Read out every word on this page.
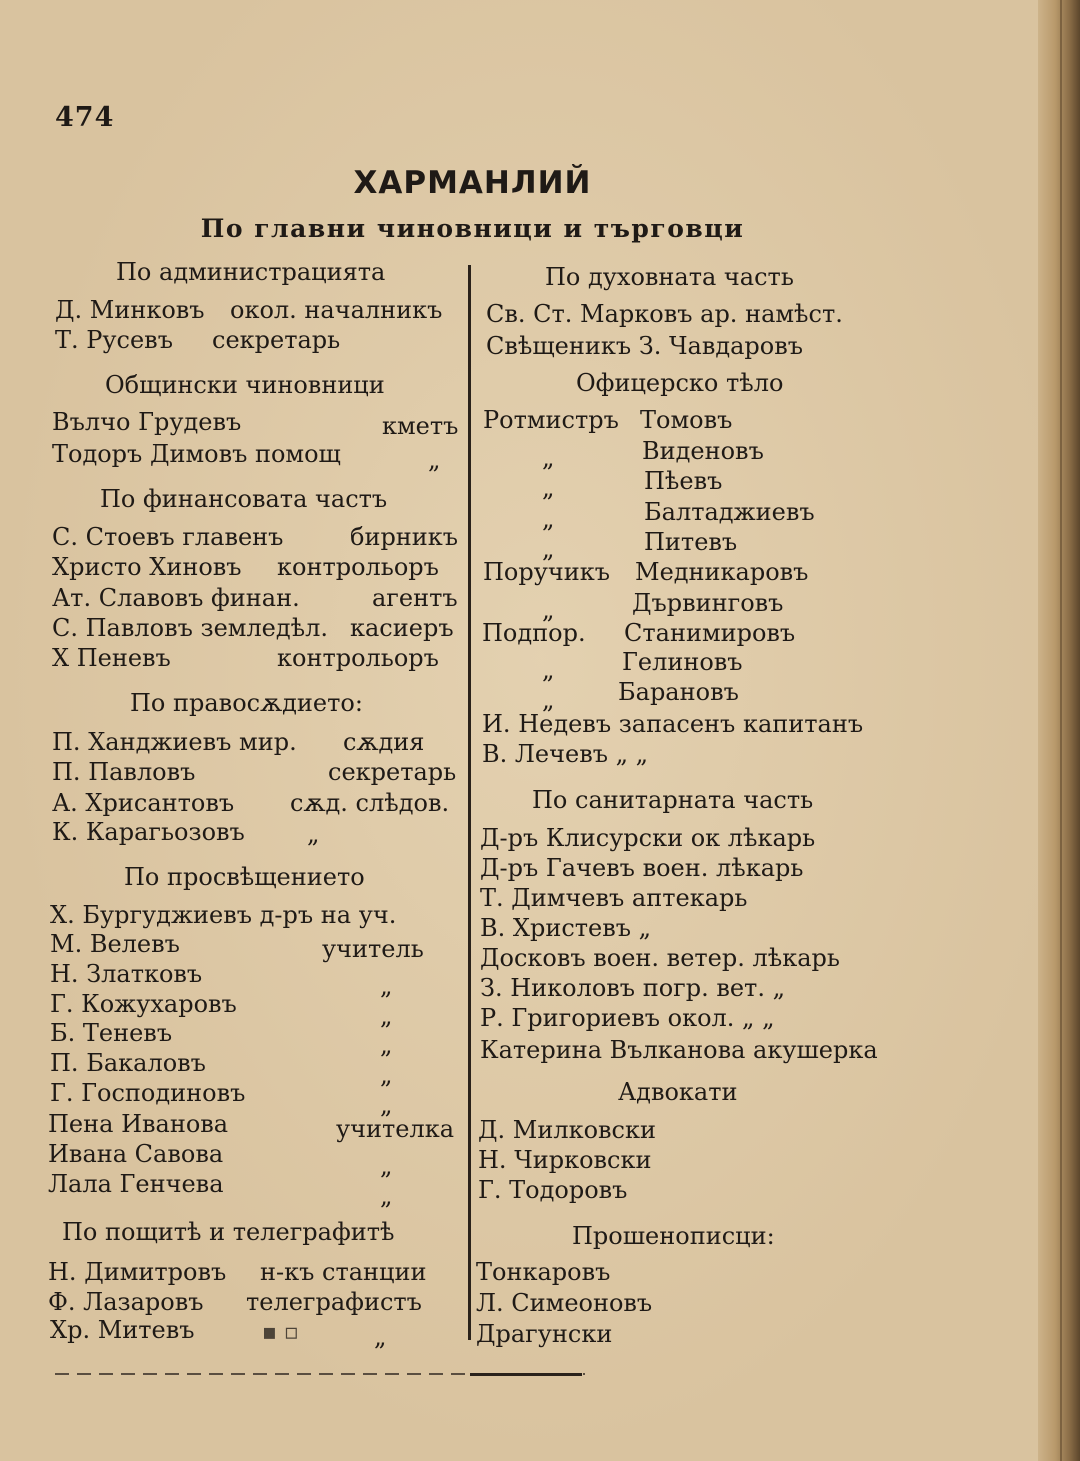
474
ХАРМАНЛИЙ
По главни чиновници и търговци
По администрацията
Д. Минковъ окол. началникъ
Т. Русевъ секретарь
Общински чиновници
Вълчо Грудевъ	кметъ
Тодоръ Димовъ помощ	„
По финансовата частъ
С. Стоевъ главенъ	бирникъ
Христо Хиновъ контрольоръ
Ат. Славовъ финан.	агентъ
С. Павловъ земледѣл. касиеръ
Х Пеневъ	контрольоръ
По правосѫдието:
П. Ханджиевъ мир. сѫдия
П. Павловъ	секретарь
А. Хрисантовъ сѫд. слѣдов.
К. Карагьозовъ	„
По просвѣщението
Х. Бургуджиевъ д-ръ на уч.
М. Велевъ	учитель
Н. Златковъ	„
Г. Кожухаровъ	„
Б. Теневъ	„
П. Бакаловъ	„
Г. Господиновъ	„
Пена Иванова	учителка
Ивана Савова	„
Лала Генчева	„
По пощитѣ и телеграфитѣ
Н. Димитровъ н-къ станции
Ф. Лазаровъ телеграфистъ
Хр. Митевъ	▪ ▫	„
По духовната часть
Св. Ст. Марковъ ар. намѣст.
Свѣщеникъ З. Чавдаровъ
Офицерско тѣло
Ротмистръ Томовъ
„	Виденовъ
„	Пѣевъ
„	Балтаджиевъ
„	Питевъ
Поручикъ Медникаровъ
„	Дървинговъ
Подпор. Станимировъ
„	Гелиновъ
„	Барановъ
И. Недевъ запасенъ капитанъ
В. Лечевъ „ „
По санитарната часть
Д-ръ Клисурски ок лѣкарь
Д-ръ Гачевъ воен. лѣкарь
Т. Димчевъ аптекарь
В. Христевъ „
Досковъ воен. ветер. лѣкарь
З. Николовъ погр. вет. „
Р. Григориевъ окол. „ „
Катерина Вълканова акушерка
Адвокати
Д. Милковски
Н. Чирковски
Г. Тодоровъ
Прошенописци:
Тонкаровъ
Л. Симеоновъ
Драгунски
